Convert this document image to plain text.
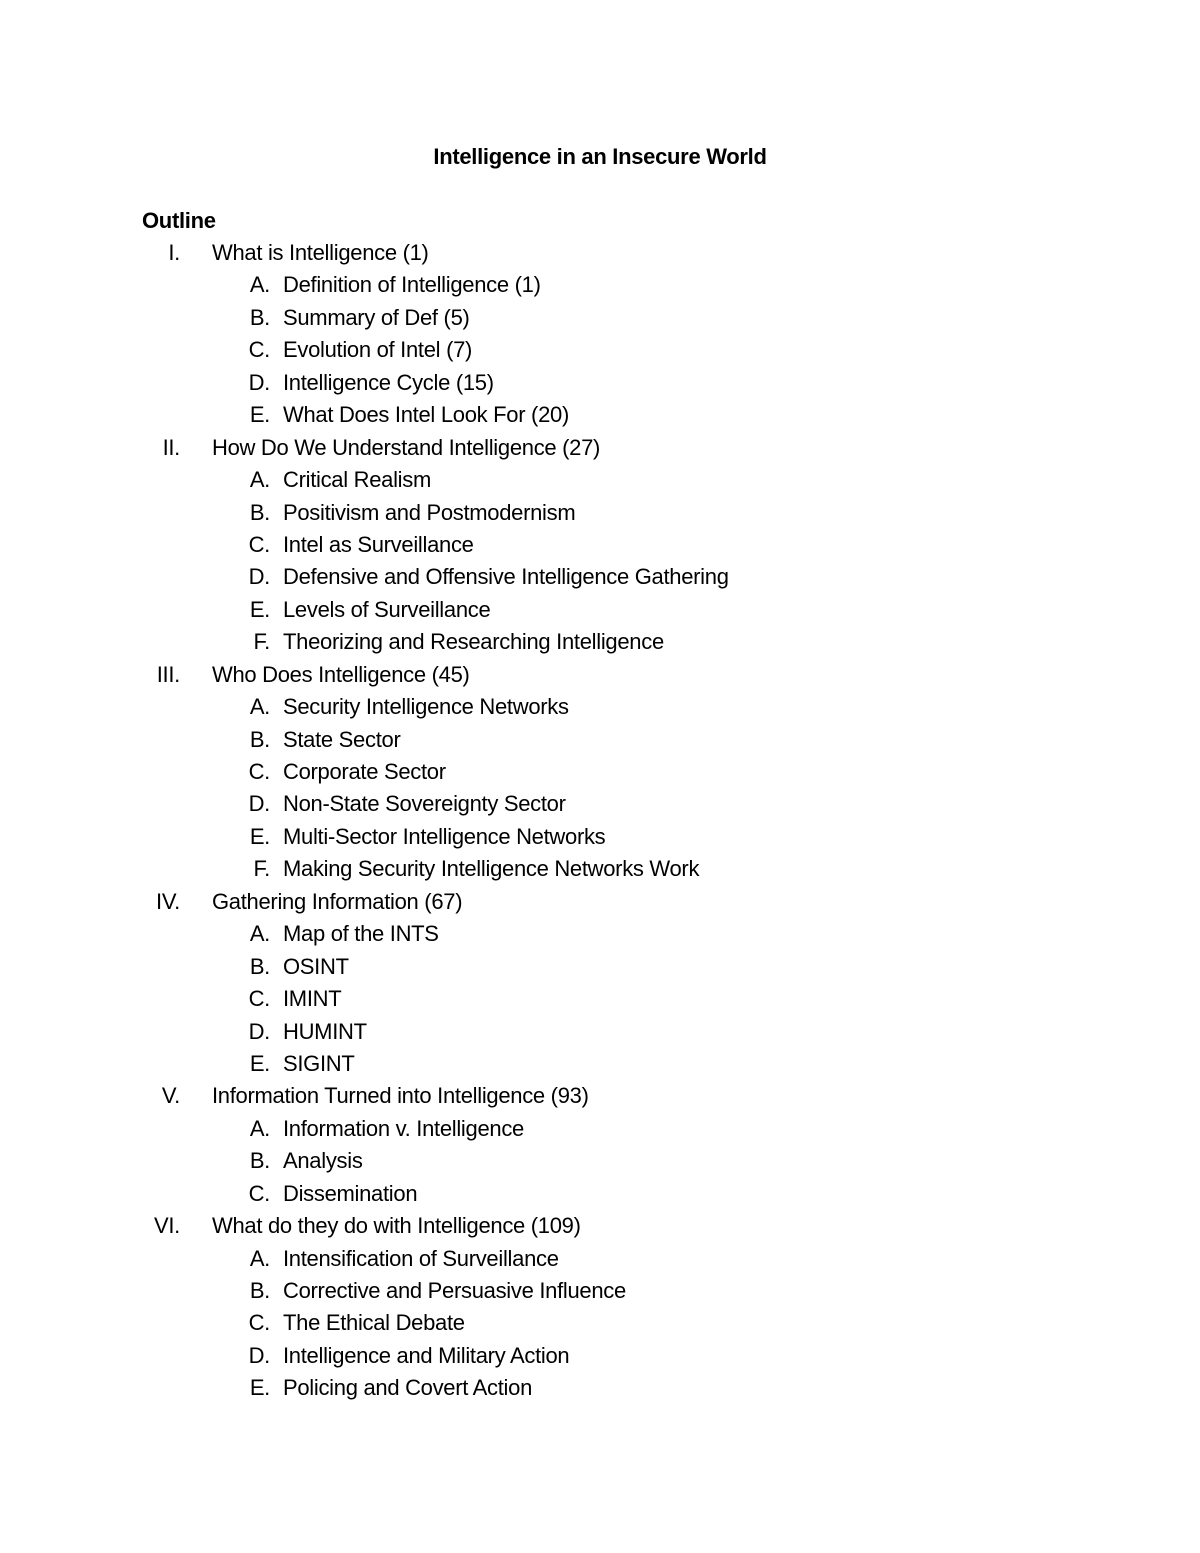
Intelligence in an Insecure World
Outline
I. What is Intelligence (1)
A. Definition of Intelligence (1)
B. Summary of Def (5)
C. Evolution of Intel (7)
D. Intelligence Cycle (15)
E. What Does Intel Look For (20)
II. How Do We Understand Intelligence (27)
A. Critical Realism
B. Positivism and Postmodernism
C. Intel as Surveillance
D. Defensive and Offensive Intelligence Gathering
E. Levels of Surveillance
F. Theorizing and Researching Intelligence
III. Who Does Intelligence (45)
A. Security Intelligence Networks
B. State Sector
C. Corporate Sector
D. Non-State Sovereignty Sector
E. Multi-Sector Intelligence Networks
F. Making Security Intelligence Networks Work
IV. Gathering Information (67)
A. Map of the INTS
B. OSINT
C. IMINT
D. HUMINT
E. SIGINT
V. Information Turned into Intelligence (93)
A. Information v. Intelligence
B. Analysis
C. Dissemination
VI. What do they do with Intelligence (109)
A. Intensification of Surveillance
B. Corrective and Persuasive Influence
C. The Ethical Debate
D. Intelligence and Military Action
E. Policing and Covert Action
